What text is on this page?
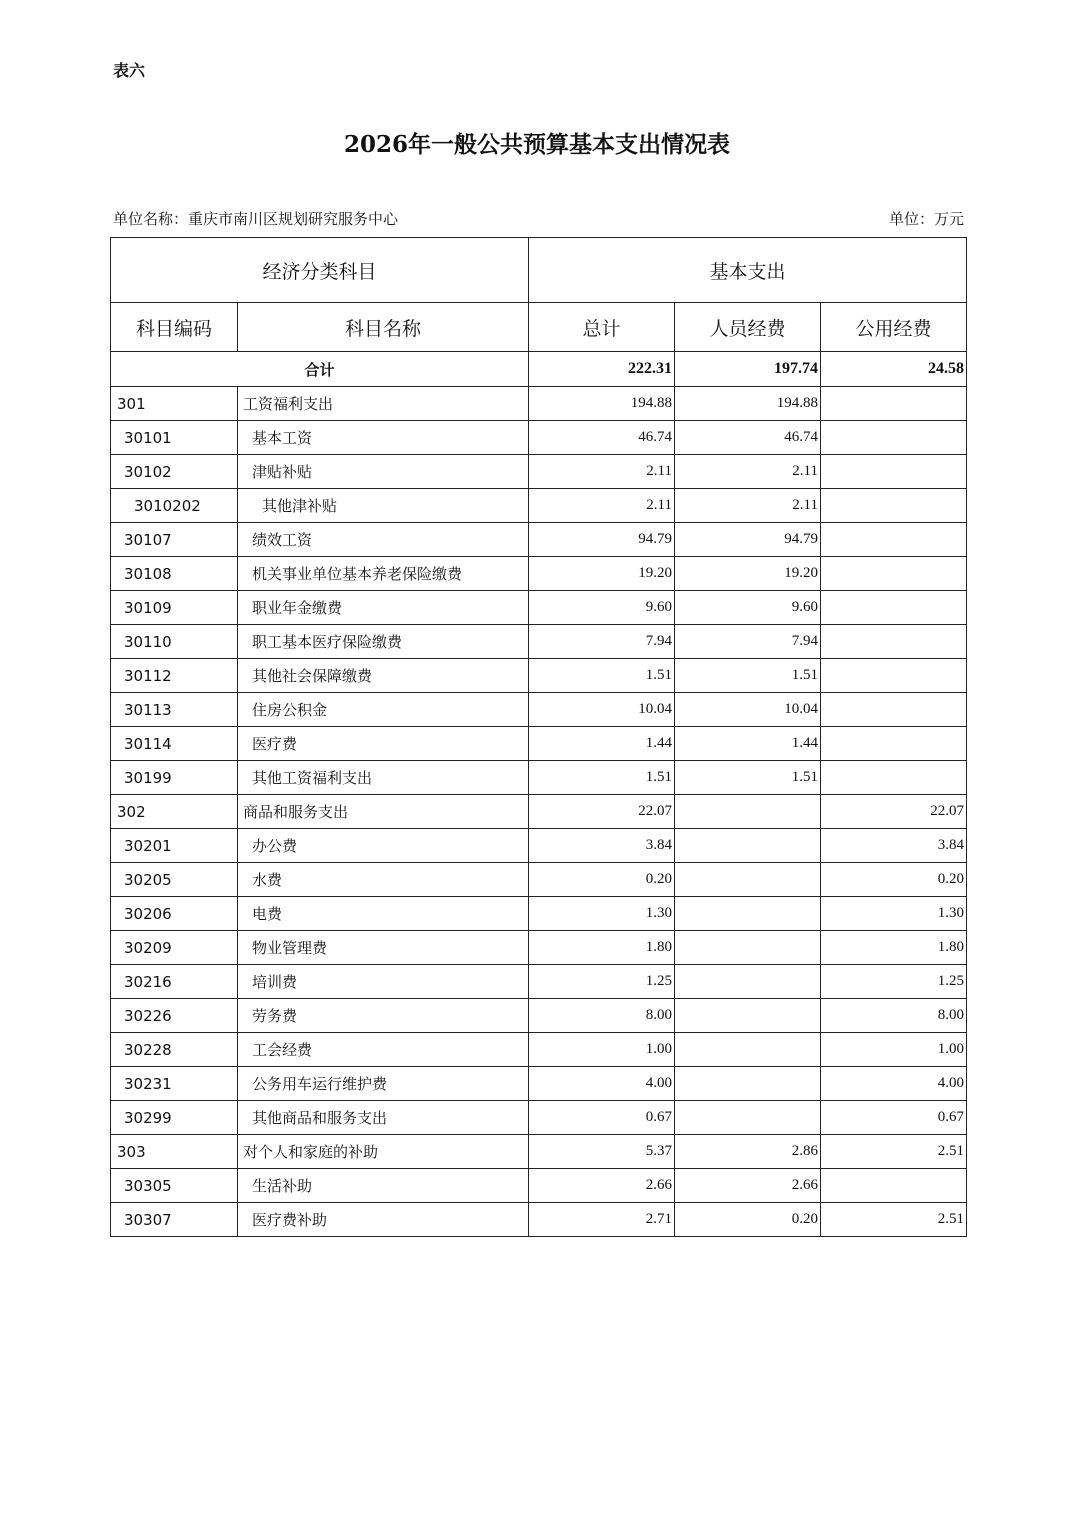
表六
2026年一般公共预算基本支出情况表
单位名称：重庆市南川区规划研究服务中心	单位：万元
经济分类科目		基本支出		
科目编码	科目名称	总计	人员经费	公用经费
合计		222.31	197.74	24.58
301	工资福利支出	194.88	194.88	
30101	基本工资	46.74	46.74	
30102	津贴补贴	2.11	2.11	
3010202	其他津补贴	2.11	2.11	
30107	绩效工资	94.79	94.79	
30108	机关事业单位基本养老保险缴费	19.20	19.20	
30109	职业年金缴费	9.60	9.60	
30110	职工基本医疗保险缴费	7.94	7.94	
30112	其他社会保障缴费	1.51	1.51	
30113	住房公积金	10.04	10.04	
30114	医疗费	1.44	1.44	
30199	其他工资福利支出	1.51	1.51	
302	商品和服务支出	22.07		22.07
30201	办公费	3.84		3.84
30205	水费	0.20		0.20
30206	电费	1.30		1.30
30209	物业管理费	1.80		1.80
30216	培训费	1.25		1.25
30226	劳务费	8.00		8.00
30228	工会经费	1.00		1.00
30231	公务用车运行维护费	4.00		4.00
30299	其他商品和服务支出	0.67		0.67
303	对个人和家庭的补助	5.37	2.86	2.51
30305	生活补助	2.66	2.66	
30307	医疗费补助	2.71	0.20	2.51
